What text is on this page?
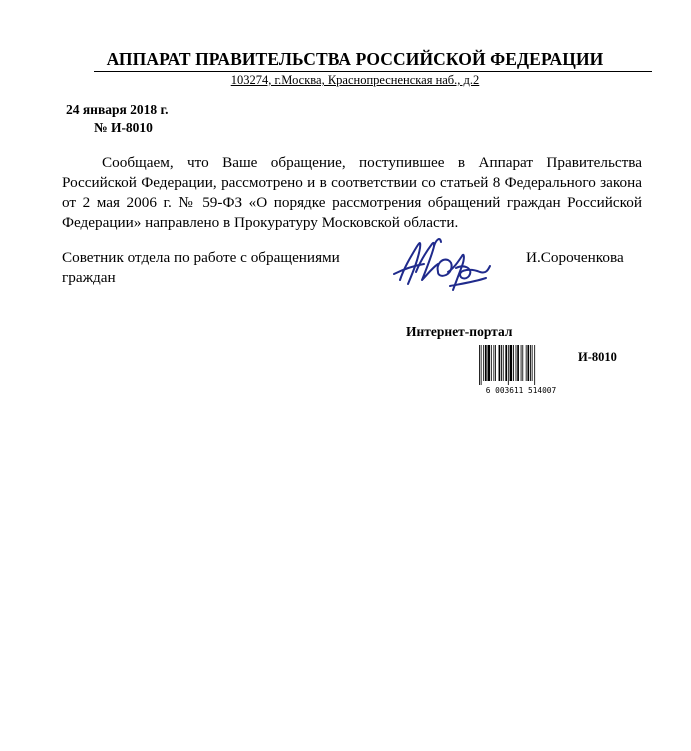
АППАРАТ ПРАВИТЕЛЬСТВА РОССИЙСКОЙ ФЕДЕРАЦИИ
103274, г.Москва, Краснопресненская наб., д.2
24 января 2018 г.
№ И-8010
Сообщаем, что Ваше обращение, поступившее в Аппарат Правительства Российской Федерации, рассмотрено и в соответствии со статьей 8 Федерального закона от 2 мая 2006 г. № 59-ФЗ «О порядке рассмотрения обращений граждан Российской Федерации» направлено в Прокуратуру Московской области.
Советник отдела по работе с обращениями граждан
И.Сороченкова
Интернет-портал
6 003611 514007
И-8010
